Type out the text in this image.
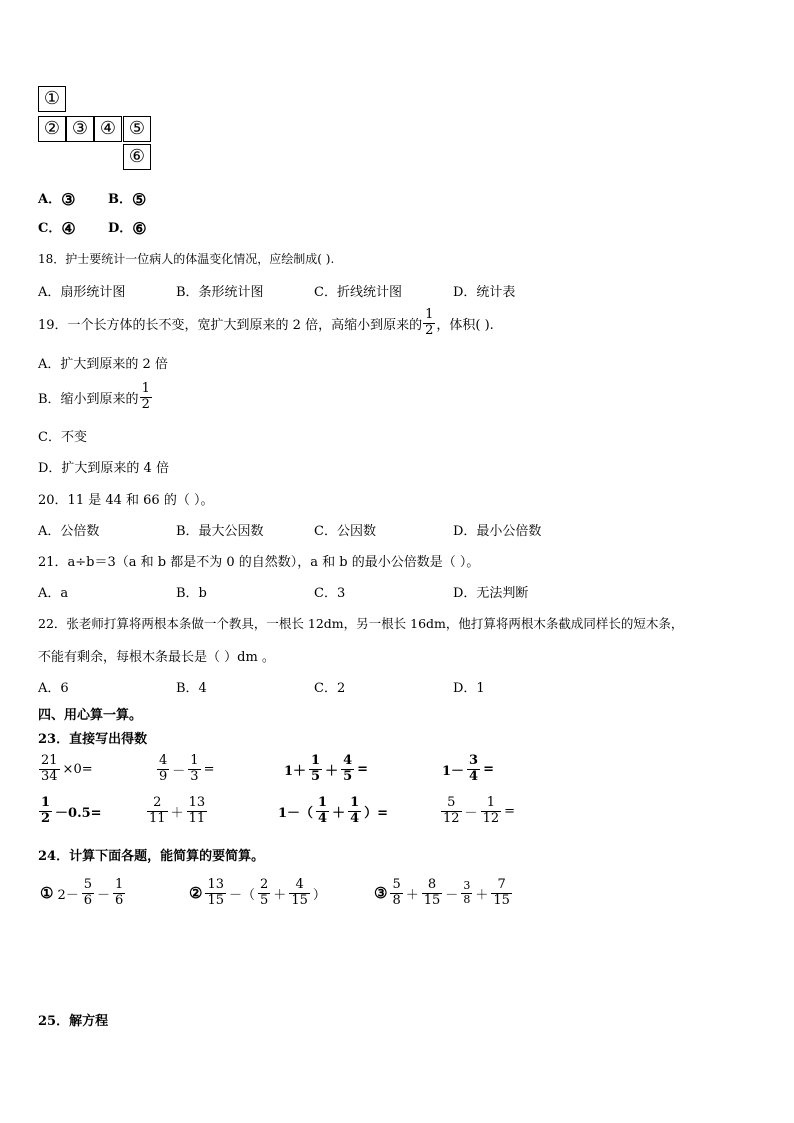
①
② ③ ④ ⑤
⑥
A．③	B．⑤
C．④ D．⑥
18．护士要统计一位病人的体温变化情况，应绘制成( ).
A．扇形统计图	B．条形统计图	C．折线统计图	D．统计表
19．一个长方体的长不变，宽扩大到原来的 2 倍，高缩小到原来的 $\frac{1}{2}$ ，体积( ).
A．扩大到原来的 2 倍
B．缩小到原来的 $\frac{1}{2}$
C．不变
D．扩大到原来的 4 倍
20．11 是 44 和 66 的（ ）。
A．公倍数	B．最大公因数	C．公因数	D．最小公倍数
21．a÷b＝3（a 和 b 都是不为 0 的自然数），a 和 b 的最小公倍数是（ ）。
A．a	B．b	C．3	D．无法判断
22．张老师打算将两根本条做一个教具，一根长 12dm，另一根长 16dm，他打算将两根木条截成同样长的短木条，
不能有剩余，每根木条最长是（ ）dm 。
A．6	B．4	C．2	D．1
四、用心算一算。
23．直接写出得数
$\frac{21}{34} \times 0=$	$\frac{4}{9} - \frac{1}{3}$ =	$1+ \frac{1}{5} + \frac{4}{5}$ =	$1- \frac{3}{4}$ =
$\frac{1}{2} -0.5=$	$\frac{2}{11} + \frac{13}{11}$	$1-( \frac{1}{4} + \frac{1}{4}$ ）=	$\frac{5}{12} - \frac{1}{12}$ =
24．计算下面各题，能简算的要简算。
① $2- \frac{5}{6} - \frac{1}{6}$	② $\frac{13}{15}$ －（ $\frac{2}{5} + \frac{4}{15}$ ）	③ $\frac{5}{8} + \frac{8}{15} - \frac{3}{8} + \frac{7}{15}$
25．解方程
